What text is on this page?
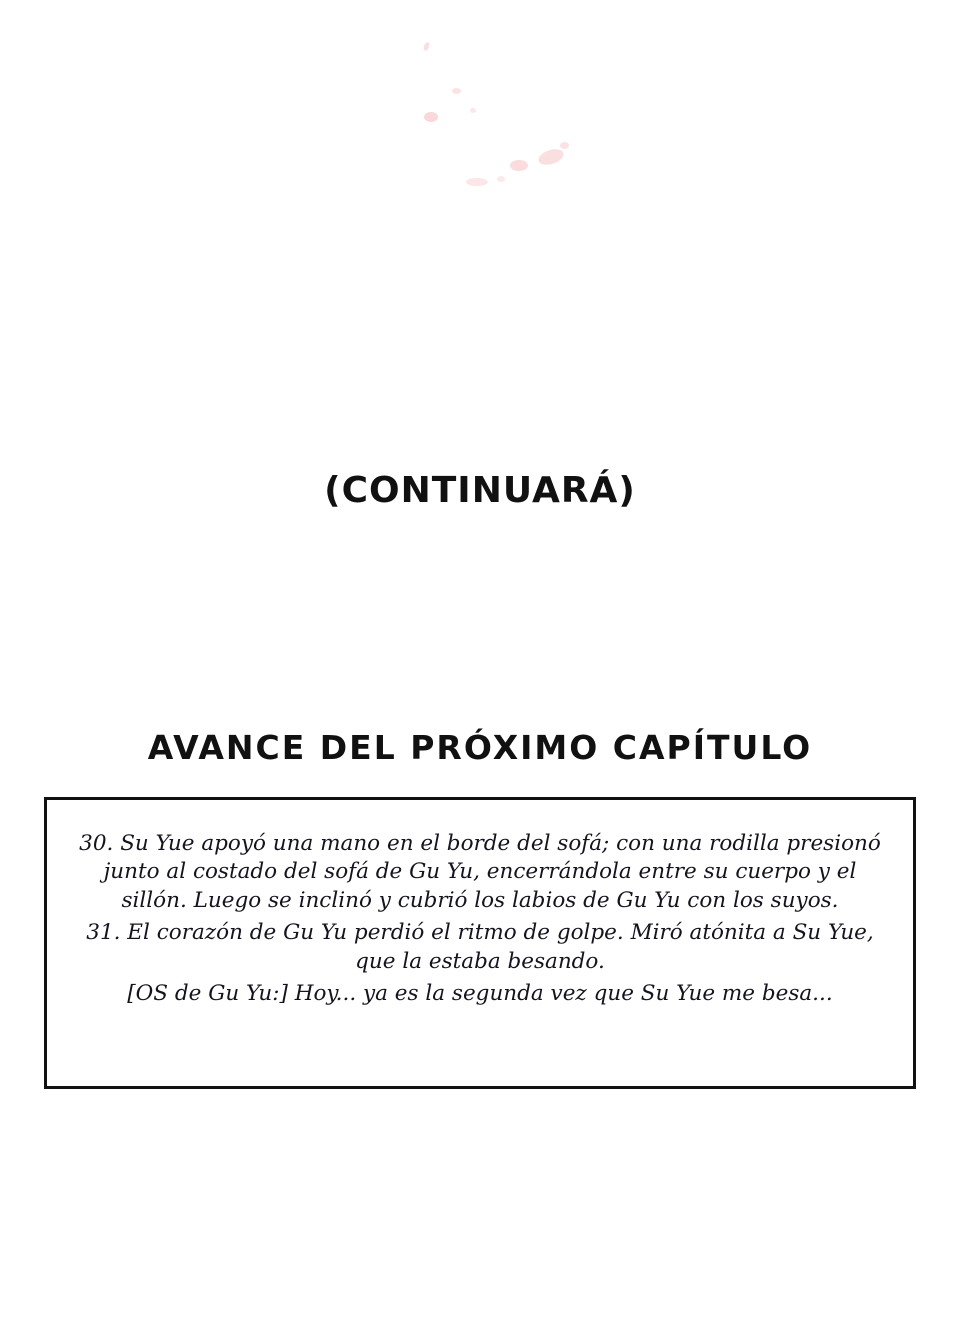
(CONTINUARÁ)
AVANCE DEL PRÓXIMO CAPÍTULO

30. Su Yue apoyó una mano en el borde del sofá; con una rodilla presionó junto al costado del sofá de Gu Yu, encerrándola entre su cuerpo y el sillón. Luego se inclinó y cubrió los labios de Gu Yu con los suyos.

31. El corazón de Gu Yu perdió el ritmo de golpe. Miró atónita a Su Yue, que la estaba besando.

[OS de Gu Yu:] Hoy... ya es la segunda vez que Su Yue me besa...
